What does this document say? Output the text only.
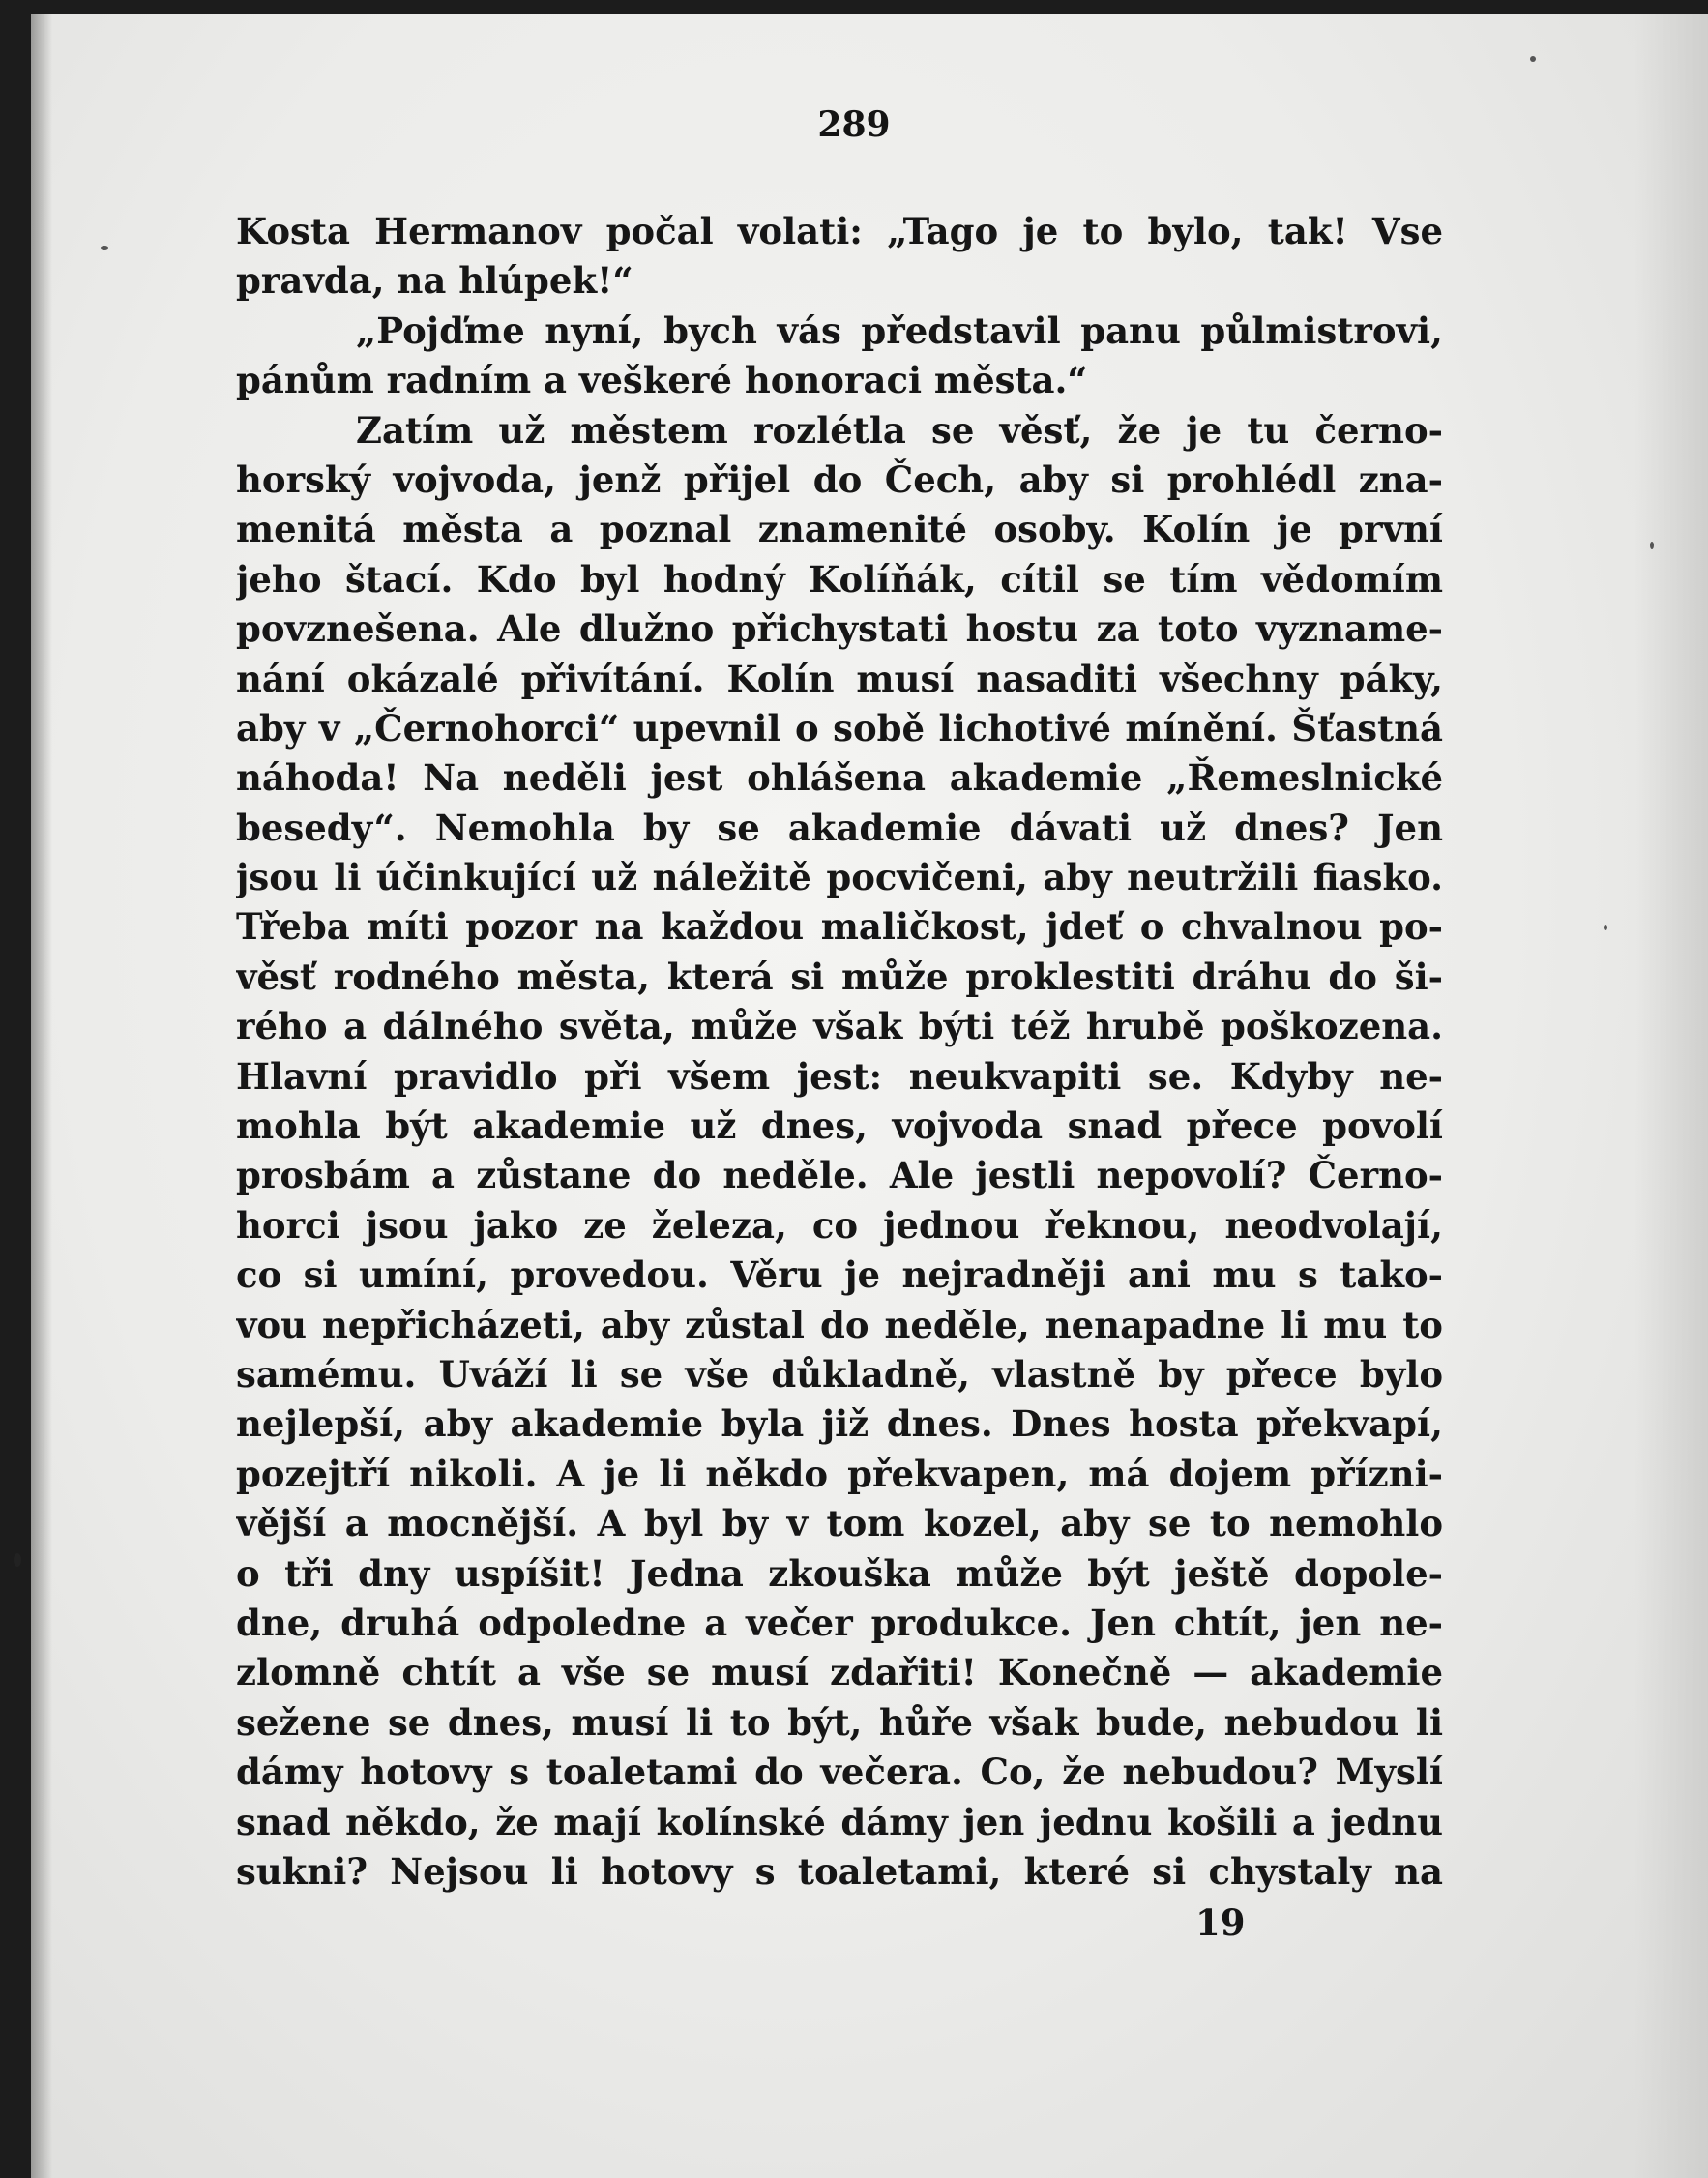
289

Kosta Hermanov počal volati: „Tago je to bylo, tak! Vse
pravda, na hlúpek!“
„Pojďme nyní, bych vás představil panu půlmistrovi,
pánům radním a veškeré honoraci města.“
Zatím už městem rozlétla se věsť, že je tu černo-
horský vojvoda, jenž přijel do Čech, aby si prohlédl zna-
menitá města a poznal znamenité osoby. Kolín je první
jeho štací. Kdo byl hodný Kolíňák, cítil se tím vědomím
povznešena. Ale dlužno přichystati hostu za toto vyzname-
nání okázalé přivítání. Kolín musí nasaditi všechny páky,
aby v „Černohorci“ upevnil o sobě lichotivé mínění. Šťastná
náhoda! Na neděli jest ohlášena akademie „Řemeslnické
besedy“. Nemohla by se akademie dávati už dnes? Jen
jsou li účinkující už náležitě pocvičeni, aby neutržili fiasko.
Třeba míti pozor na každou maličkost, jdeť o chvalnou po-
věsť rodného města, která si může proklestiti dráhu do ši-
rého a dálného světa, může však býti též hrubě poškozena.
Hlavní pravidlo při všem jest: neukvapiti se. Kdyby ne-
mohla být akademie už dnes, vojvoda snad přece povolí
prosbám a zůstane do neděle. Ale jestli nepovolí? Černo-
horci jsou jako ze železa, co jednou řeknou, neodvolají,
co si umíní, provedou. Věru je nejradněji ani mu s tako-
vou nepřicházeti, aby zůstal do neděle, nenapadne li mu to
samému. Uváží li se vše důkladně, vlastně by přece bylo
nejlepší, aby akademie byla již dnes. Dnes hosta překvapí,
pozejtří nikoli. A je li někdo překvapen, má dojem přízni-
vější a mocnější. A byl by v tom kozel, aby se to nemohlo
o tři dny uspíšit! Jedna zkouška může být ještě dopole-
dne, druhá odpoledne a večer produkce. Jen chtít, jen ne-
zlomně chtít a vše se musí zdařiti! Konečně — akademie
sežene se dnes, musí li to být, hůře však bude, nebudou li
dámy hotovy s toaletami do večera. Co, že nebudou? Myslí
snad někdo, že mají kolínské dámy jen jednu košili a jednu
sukni? Nejsou li hotovy s toaletami, které si chystaly na

19
